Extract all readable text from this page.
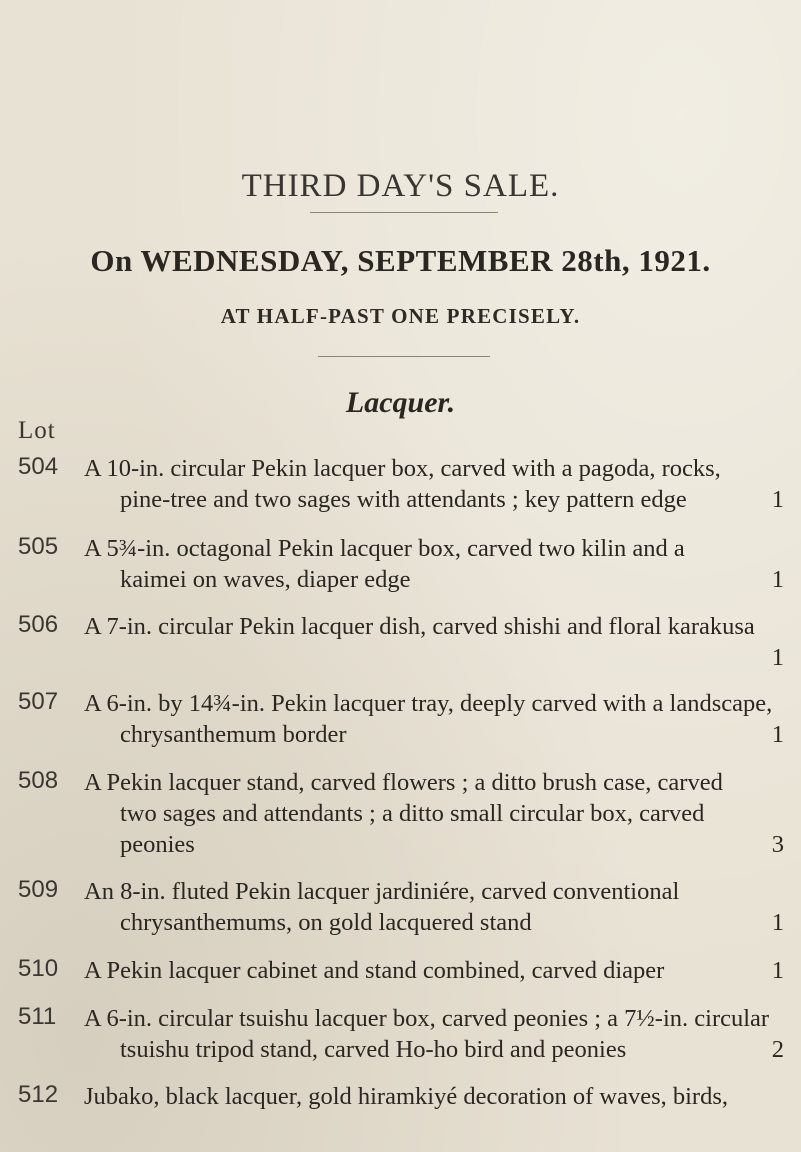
THIRD DAY'S SALE.
On WEDNESDAY, SEPTEMBER 28th, 1921.
AT HALF-PAST ONE PRECISELY.
Lacquer.
Lot
504 A 10-in. circular Pekin lacquer box, carved with a pagoda, rocks,
pine-tree and two sages with attendants ; key pattern edge	1
505 A 5¾-in. octagonal Pekin lacquer box, carved two kilin and a
kaimei on waves, diaper edge	1
506 A 7-in. circular Pekin lacquer dish, carved shishi and floral karakusa
1
507 A 6-in. by 14¾-in. Pekin lacquer tray, deeply carved with a landscape,
chrysanthemum border	1
508 A Pekin lacquer stand, carved flowers ; a ditto brush case, carved
two sages and attendants ; a ditto small circular box, carved
peonies	3
509 An 8-in. fluted Pekin lacquer jardiniére, carved conventional
chrysanthemums, on gold lacquered stand	1
510 A Pekin lacquer cabinet and stand combined, carved diaper	1
511 A 6-in. circular tsuishu lacquer box, carved peonies ; a 7½-in. circular
tsuishu tripod stand, carved Ho-ho bird and peonies	2
512 Jubako, black lacquer, gold hiramkiyé decoration of waves, birds,
